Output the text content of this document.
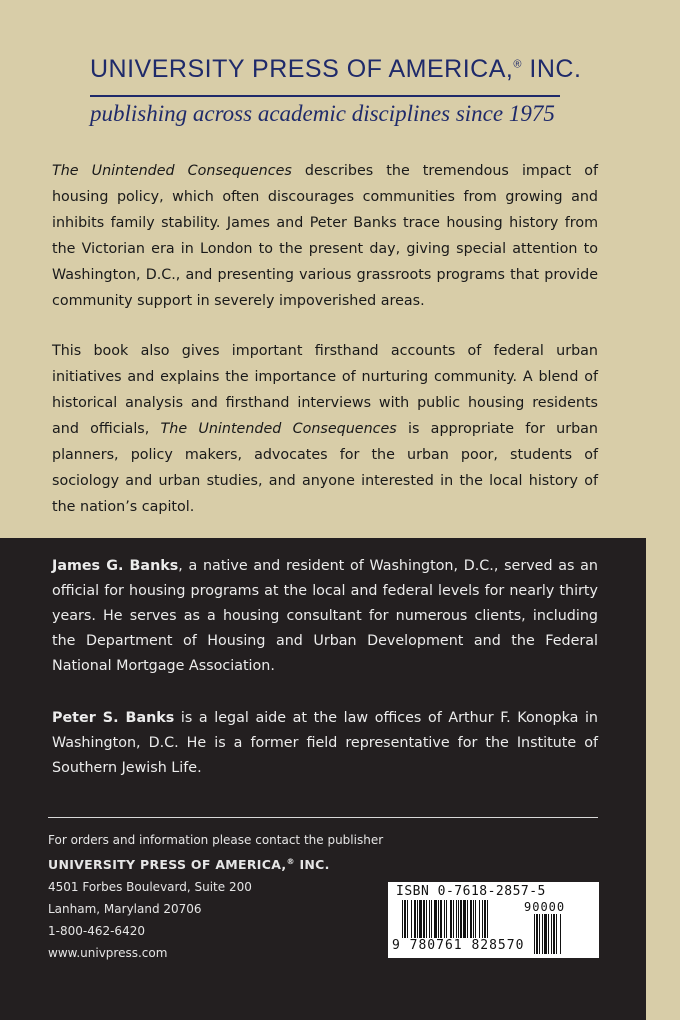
UNIVERSITY PRESS OF AMERICA,® INC.
publishing across academic disciplines since 1975
The Unintended Consequences describes the tremendous impact of housing policy, which often discourages communities from growing and inhibits family stability. James and Peter Banks trace housing history from the Victorian era in London to the present day, giving special attention to Washington, D.C., and presenting various grassroots programs that provide community support in severely impoverished areas.
This book also gives important firsthand accounts of federal urban initiatives and explains the importance of nurturing community. A blend of historical analysis and firsthand interviews with public housing residents and officials, The Unintended Consequences is appropriate for urban planners, policy makers, advocates for the urban poor, students of sociology and urban studies, and anyone interested in the local history of the nation’s capitol.
James G. Banks, a native and resident of Washington, D.C., served as an official for housing programs at the local and federal levels for nearly thirty years. He serves as a housing consultant for numerous clients, including the Department of Housing and Urban Development and the Federal National Mortgage Association.
Peter S. Banks is a legal aide at the law offices of Arthur F. Konopka in Washington, D.C. He is a former field representative for the Institute of Southern Jewish Life.
For orders and information please contact the publisher
UNIVERSITY PRESS OF AMERICA,® INC.
4501 Forbes Boulevard, Suite 200
Lanham, Maryland 20706
1-800-462-6420
www.univpress.com
ISBN 0-7618-2857-5
90000
9 780761 828570
